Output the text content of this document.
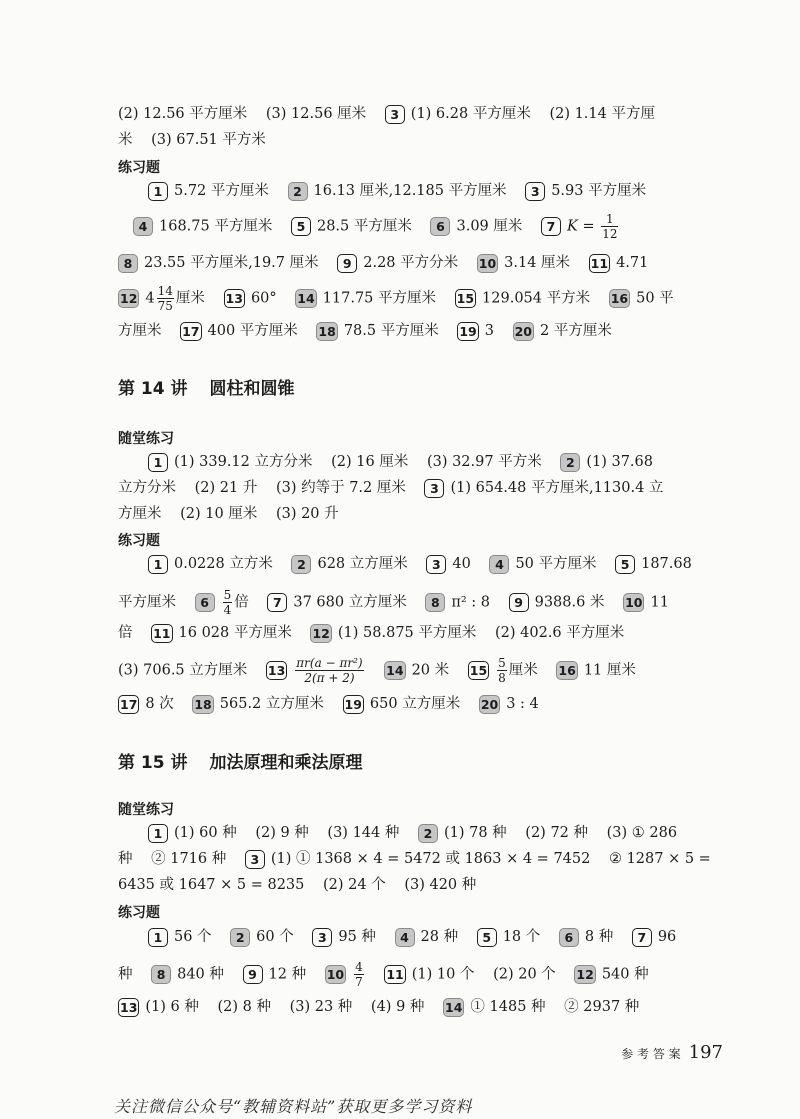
(2) 12.56 平方厘米 (3) 12.56 厘米 3 (1) 6.28 平方厘米 (2) 1.14 平方厘
米 (3) 67.51 平方米
练习题
1 5.72 平方厘米 2 16.13 厘米,12.185 平方厘米 3 5.93 平方厘米
4 168.75 平方厘米 5 28.5 平方厘米 6 3.09 厘米 7 $K = \frac{1}{12}$
8 23.55 平方厘米,19.7 厘米 9 2.28 平方分米 10 3.14 厘米 11 4.71
12 $4 \frac{14}{75}$ 厘米 13 60° 14 117.75 平方厘米 15 129.054 平方米 16 50 平
方厘米 17 400 平方厘米 18 78.5 平方厘米 19 3 20 2 平方厘米
第 14 讲 圆柱和圆锥
随堂练习
1 (1) 339.12 立方分米 (2) 16 厘米 (3) 32.97 平方米 2 (1) 37.68
立方分米 (2) 21 升 (3) 约等于 7.2 厘米 3 (1) 654.48 平方厘米,1130.4 立
方厘米 (2) 10 厘米 (3) 20 升
练习题
1 0.0228 立方米 2 628 立方厘米 3 40 4 50 平方厘米 5 187.68
平方厘米 $6 \frac{5}{4}$ 倍 7 37 680 立方厘米 8 π² : 8 9 9388.6 米 10 11
倍 11 16 028 平方厘米 12 (1) 58.875 平方厘米 (2) 402.6 平方厘米
(3) 706.5 立方厘米 $13 \frac{\text{πr(a − πr²)}}{2(\pi + 2)} 14$ 20 米 $15 \frac{5}{8}$ 厘米 16 11 厘米
17 8 次 18 565.2 立方厘米 19 650 立方厘米 20 3 : 4
第 15 讲 加法原理和乘法原理
随堂练习
1 (1) 60 种 (2) 9 种 (3) 144 种 2 (1) 78 种 (2) 72 种 (3) ① 286
种 ② 1716 种 3 (1) ① 1368 × 4 = 5472 或 1863 × 4 = 7452 ② 1287 × 5 =
6435 或 1647 × 5 = 8235 (2) 24 个 (3) 420 种
练习题
1 56 个 2 60 个 3 95 种 4 28 种 5 18 个 6 8 种 7 96
种 8 840 种 9 12 种 $10 \frac{4}{7} 11$ (1) 10 个 (2) 20 个 12 540 种
13 (1) 6 种 (2) 8 种 (3) 23 种 (4) 9 种 14 ① 1485 种 ② 2937 种
参 考 答 案 197
关注微信公众号“教辅资料站”获取更多学习资料
